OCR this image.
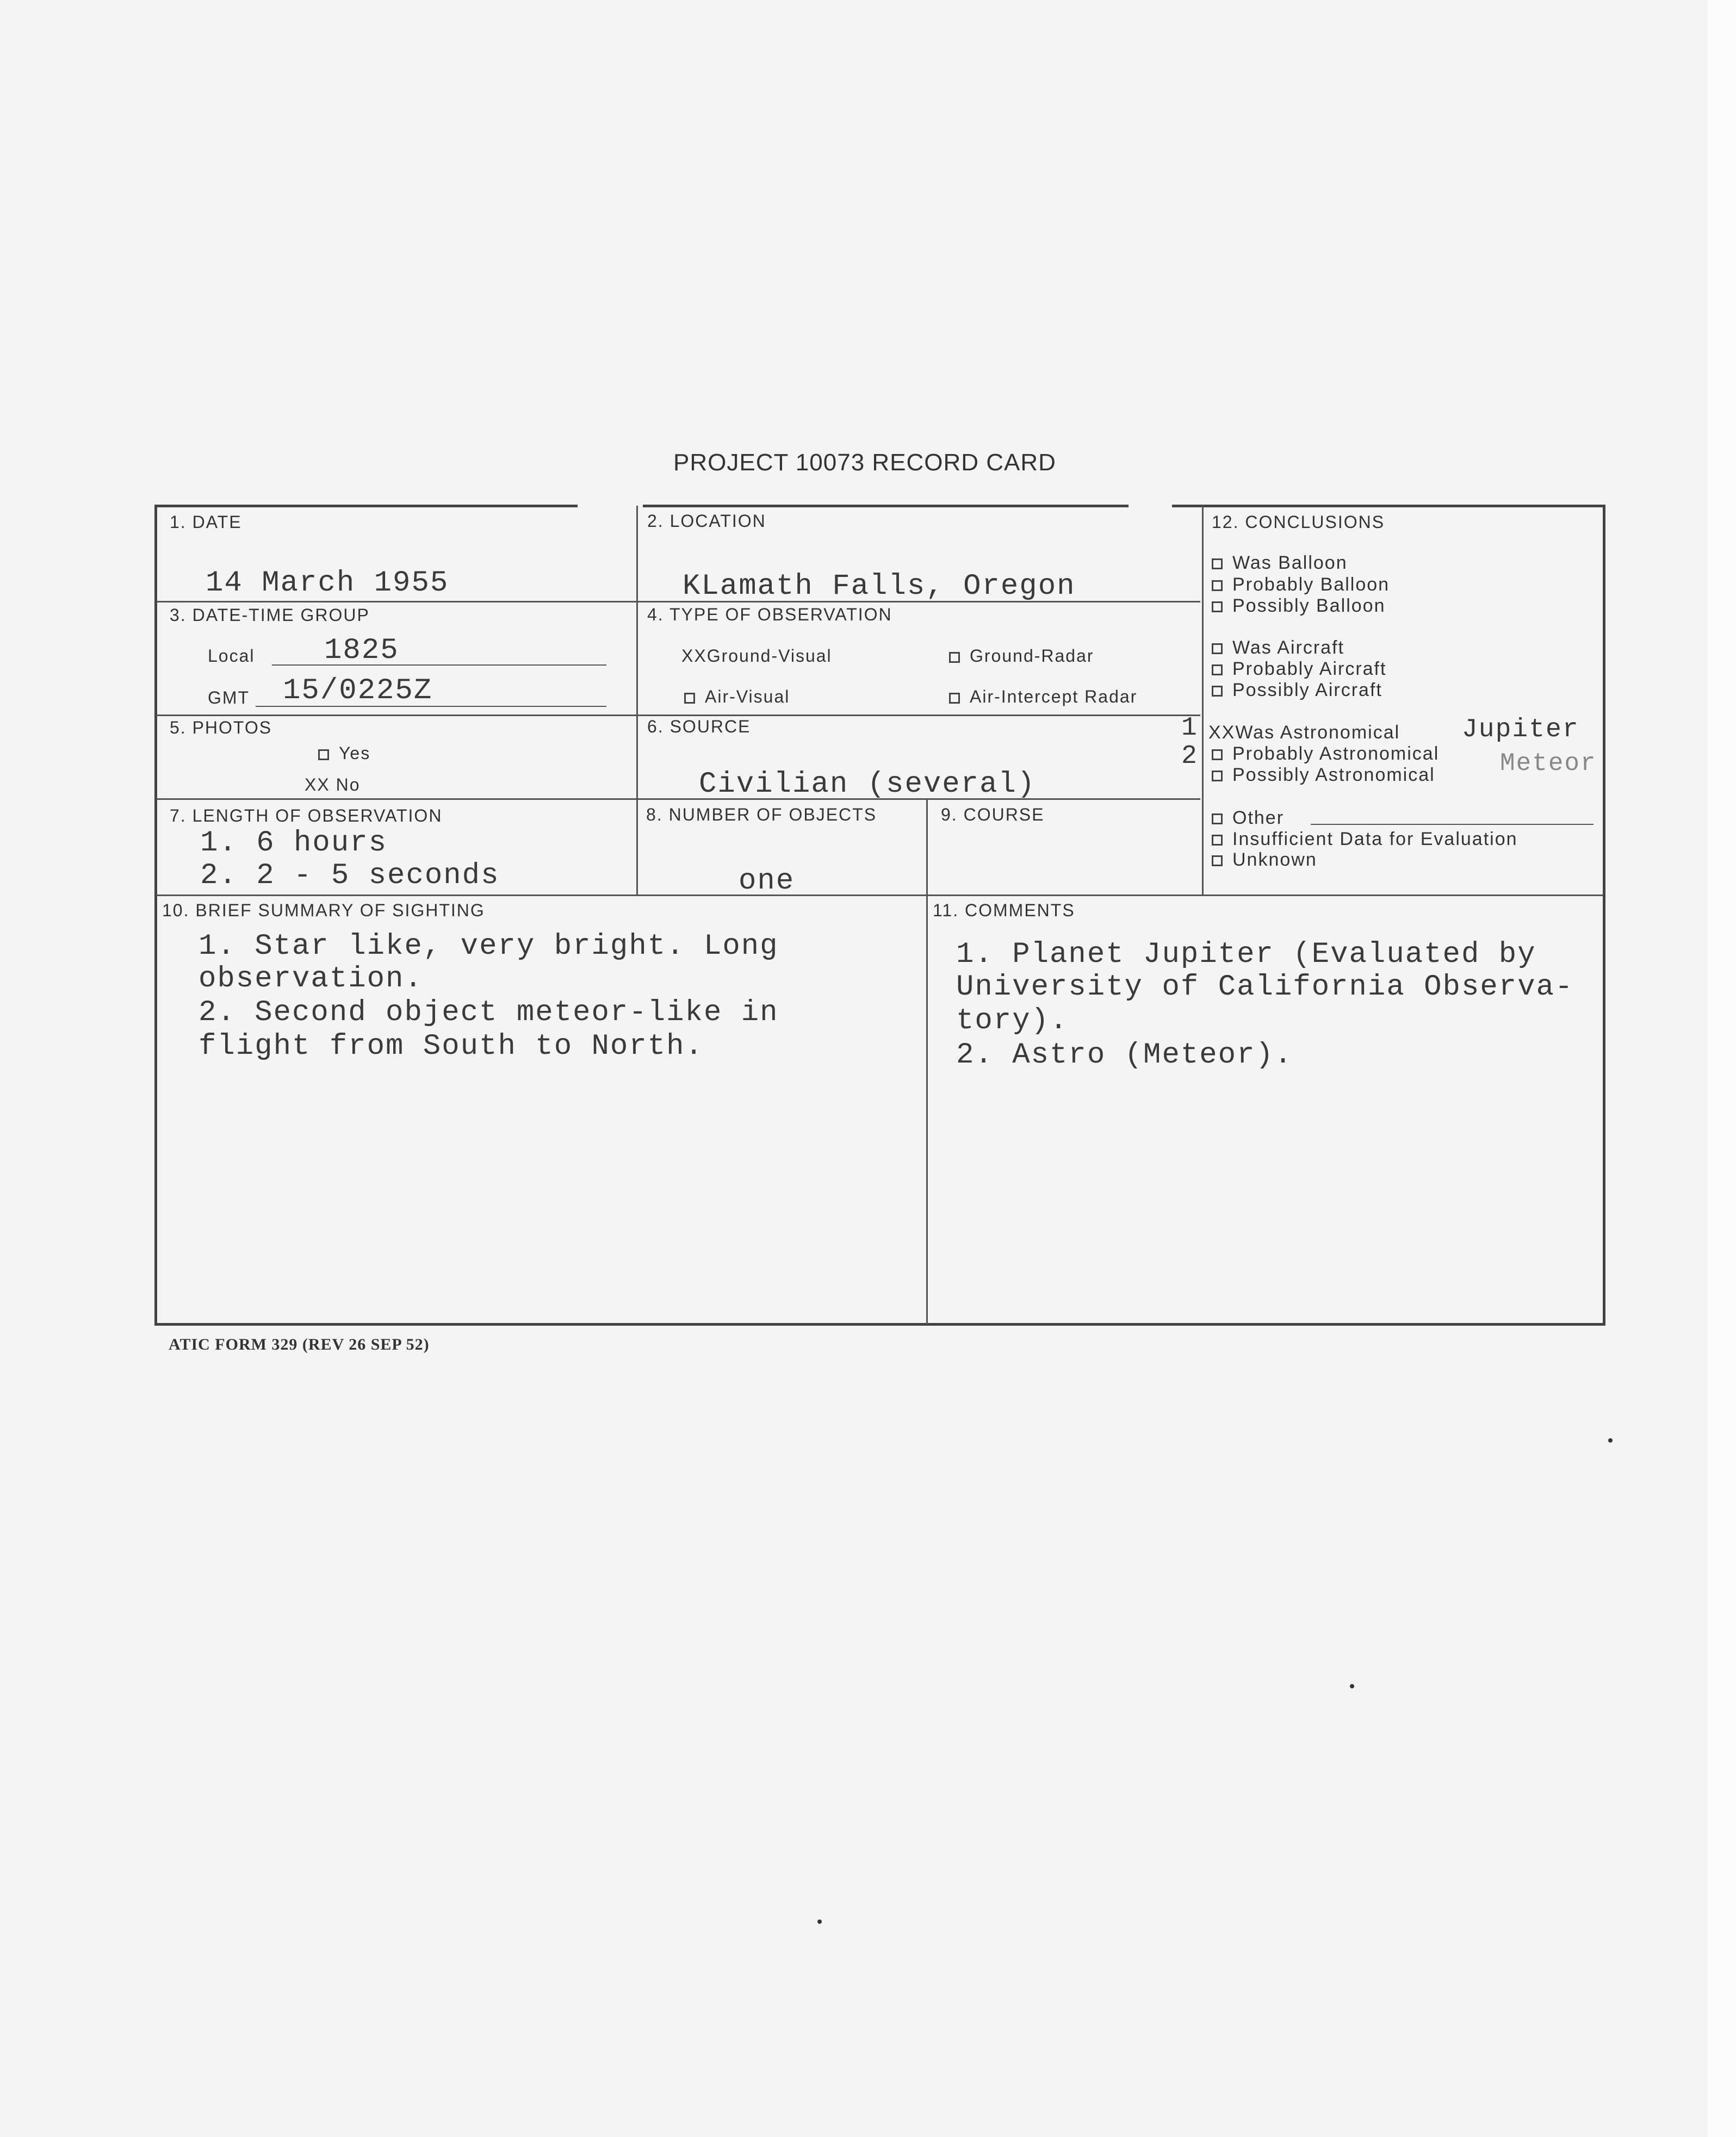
PROJECT 10073 RECORD CARD
1. DATE
14 March 1955
2. LOCATION
KLamath Falls, Oregon
3. DATE-TIME GROUP
Local 1825
GMT 15/0225Z
4. TYPE OF OBSERVATION
XXGround-Visual	Ground-Radar
Air-Visual	Air-Intercept Radar
5. PHOTOS
Yes
XX No
6. SOURCE
Civilian (several)
7. LENGTH OF OBSERVATION
1. 6 hours
2. 2 - 5 seconds
8. NUMBER OF OBJECTS
one
9. COURSE
10. BRIEF SUMMARY OF SIGHTING
1. Star like, very bright. Long
observation.
2. Second object meteor-like in
flight from South to North.
11. COMMENTS
1. Planet Jupiter (Evaluated by
University of California Observa-
tory).
2. Astro (Meteor).
12. CONCLUSIONS
Was Balloon
Probably Balloon
Possibly Balloon
Was Aircraft
Probably Aircraft
Possibly Aircraft
1
2
XXWas Astronomical
Probably Astronomical
Possibly Astronomical
Jupiter
Meteor
Other
Insufficient Data for Evaluation
Unknown
ATIC FORM 329 (REV 26 SEP 52)
